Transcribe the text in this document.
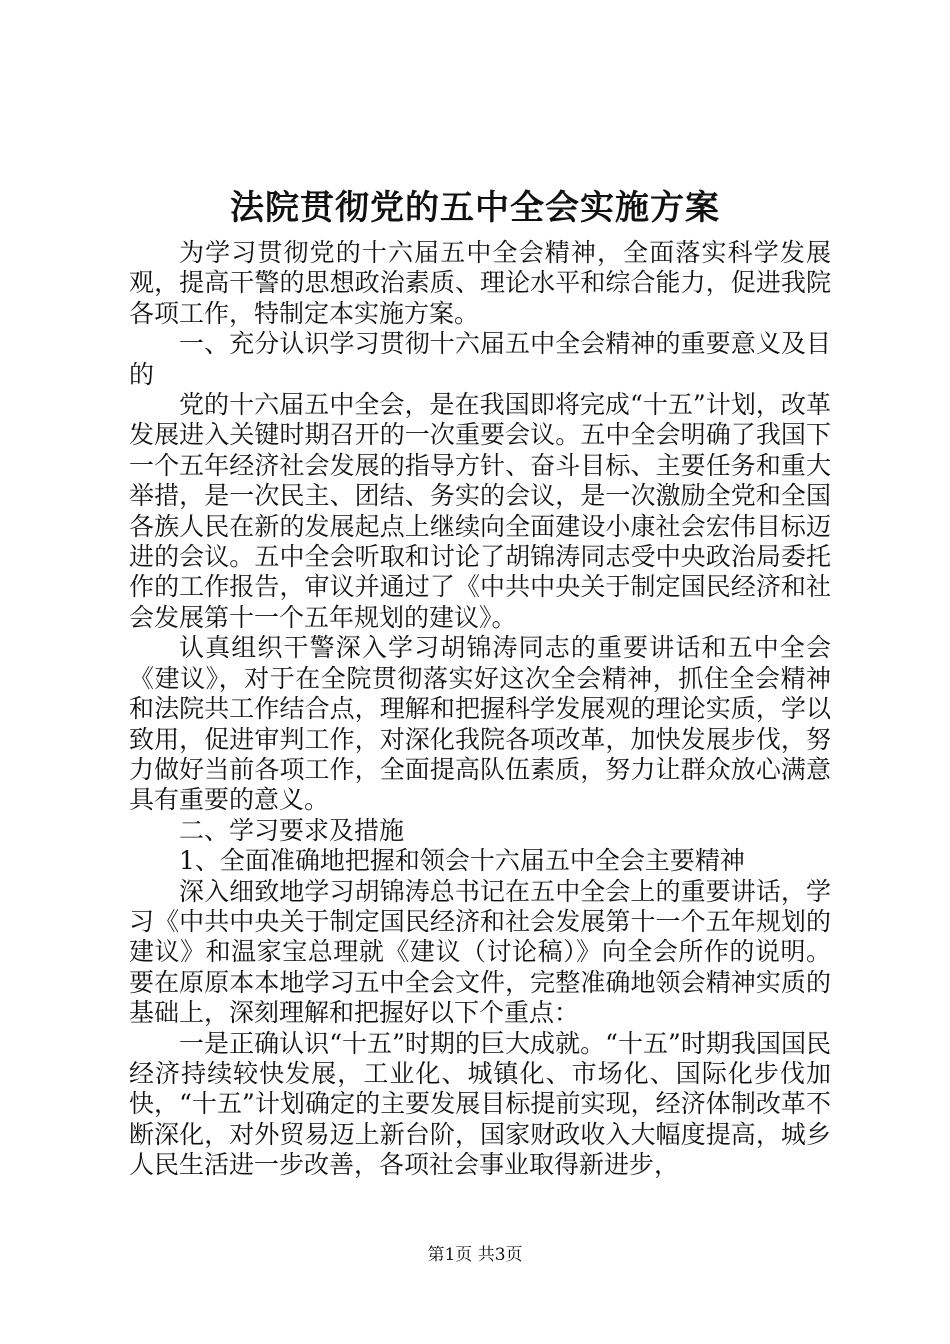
法院贯彻党的五中全会实施方案

为学习贯彻党的十六届五中全会精神，全面落实科学发展观，提高干警的思想政治素质、理论水平和综合能力，促进我院各项工作，特制定本实施方案。

一、充分认识学习贯彻十六届五中全会精神的重要意义及目的

党的十六届五中全会，是在我国即将完成“十五”计划，改革发展进入关键时期召开的一次重要会议。五中全会明确了我国下一个五年经济社会发展的指导方针、奋斗目标、主要任务和重大举措，是一次民主、团结、务实的会议，是一次激励全党和全国各族人民在新的发展起点上继续向全面建设小康社会宏伟目标迈进的会议。五中全会听取和讨论了胡锦涛同志受中央政治局委托作的工作报告，审议并通过了《中共中央关于制定国民经济和社会发展第十一个五年规划的建议》。

认真组织干警深入学习胡锦涛同志的重要讲话和五中全会《建议》，对于在全院贯彻落实好这次全会精神，抓住全会精神和法院共工作结合点，理解和把握科学发展观的理论实质，学以致用，促进审判工作，对深化我院各项改革，加快发展步伐，努力做好当前各项工作，全面提高队伍素质，努力让群众放心满意具有重要的意义。

二、学习要求及措施

1、全面准确地把握和领会十六届五中全会主要精神

深入细致地学习胡锦涛总书记在五中全会上的重要讲话，学习《中共中央关于制定国民经济和社会发展第十一个五年规划的建议》和温家宝总理就《建议（讨论稿）》向全会所作的说明。要在原原本本地学习五中全会文件，完整准确地领会精神实质的基础上，深刻理解和把握好以下个重点：

一是正确认识“十五”时期的巨大成就。“十五”时期我国国民经济持续较快发展，工业化、城镇化、市场化、国际化步伐加快，“十五”计划确定的主要发展目标提前实现，经济体制改革不断深化，对外贸易迈上新台阶，国家财政收入大幅度提高，城乡人民生活进一步改善，各项社会事业取得新进步，

第1页 共3页
